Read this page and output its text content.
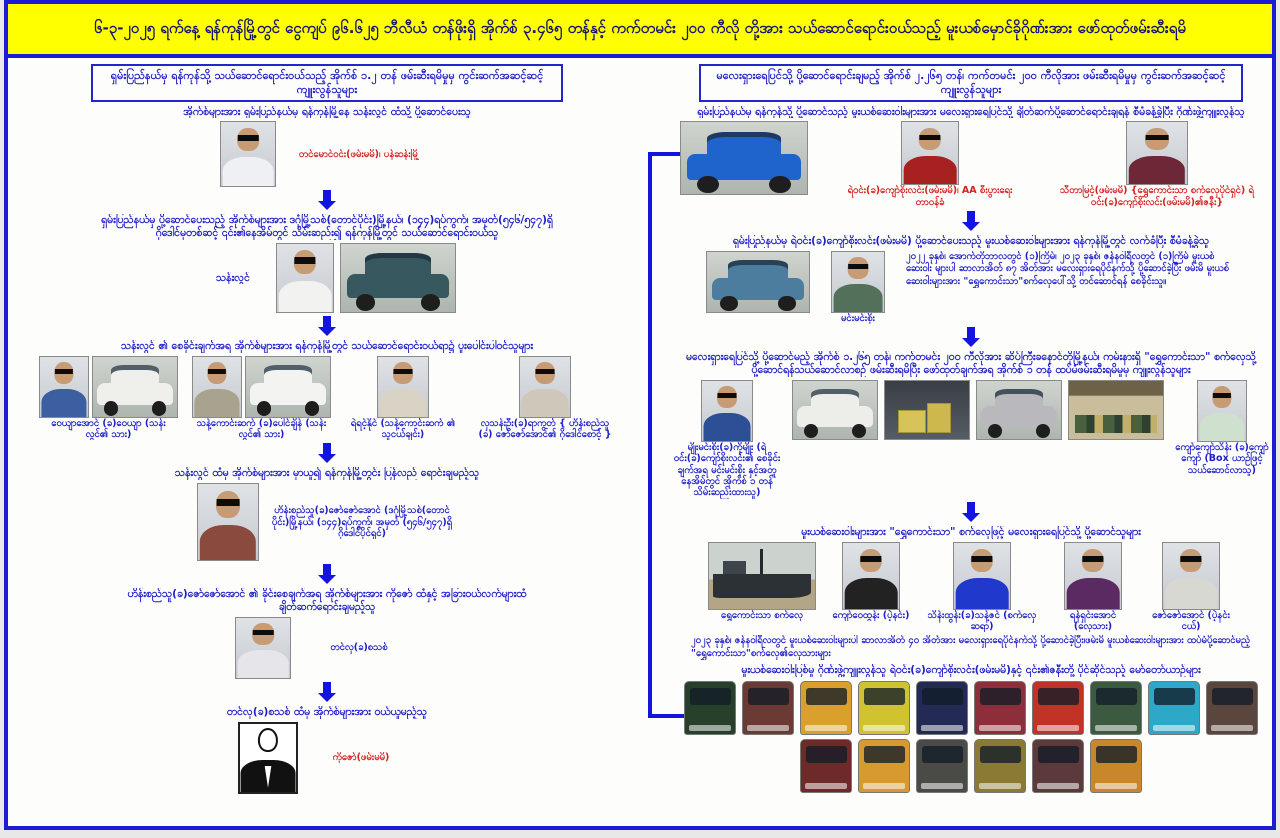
၆-၃-၂၀၂၅ ရက်နေ့ ရန်ကုန်မြို့တွင် ငွေကျပ် ၉၆.၆၂၅ ဘီလီယံ တန်ဖိုးရှိ အိုက်စ် ၃.၄၆၅ တန်နှင့် ကက်တမင်း ၂၀၀ ကီလို တို့အား သယ်ဆောင်ရောင်းဝယ်သည့် မူးယစ်မှောင်ခိုဂိုဏ်းအား ဖော်ထုတ်ဖမ်းဆီးရမိ
ရှမ်းပြည်နယ်မှ ရန်ကုန်သို့ သယ်ဆောင်ရောင်းဝယ်သည့် အိုက်စ် ၁.၂ တန် ဖမ်းဆီးရမိမှုမှ ကွင်းဆက်အဆင့်ဆင့် ကျူးလွန်သူများ
အိုက်စ်များအား ရှမ်းပြည်နယ်မှ ရန်ကုန်မြို့နေ သန်းလွင် ထံသို့ ပို့ဆောင်ပေးသူ
တင်မောင်ဝင်း(ဖမ်းမမိ)၊ ပန်ဆန်းမြို့
ရှမ်းပြည်နယ်မှ ပို့ဆောင်ပေးသည့် အိုက်စ်များအား ဒဂုံမြို့သစ်(တောင်ပိုင်း)မြို့နယ်၊ (၁၄၄)ရပ်ကွက်၊ အမှတ်(၅၄၆/၅၄၇)ရှိ ဂိုဒေါင်မှတစ်ဆင့် ၎င်း၏နေအိမ်တွင် သိမ်းဆည်း၍ ရန်ကုန်မြို့တွင် သယ်ဆောင်ရောင်းဝယ်သူ
သန်းလွင်
သန်းလွင် ၏ စေခိုင်းချက်အရ အိုက်စ်များအား ရန်ကုန်မြို့တွင် သယ်ဆောင်ရောင်းဝယ်ရာ၌ ပူးပေါင်းပါဝင်သူများ
ဝေယျာအောင် (ခ)ဝေယျာ (သန်းလွင်၏ သား)
သန့်ကောင်းဆက် (ခ)ပေါင်ချိန် (သန်းလွင်၏ သား)
ရဲရင့်နိုင် (သန့်ကောင်းဆက် ၏ သူငယ်ချင်း)
လှသန်းဦး(ခ)ရာကွတ် { ဟိန်းစည်သူ (ခ) ဇော်ဇော်အောင်၏ ဂိုဒေါင်စောင့် }
သန်းလွင် ထံမှ အိုက်စ်များအား မှာယူ၍ ရန်ကုန်မြို့တွင်း ပြန်လည် ရောင်းချမည့်သူ
ဟိန်းစည်သူ(ခ)ဇော်ဇော်အောင် (ဒဂုံမြို့သစ်(တောင်ပိုင်း)မြို့နယ်၊ (၁၄၄)ရပ်ကွက်၊ အမှတ် (၅၄၆/၅၄၇)ရှိ ဂိုဒေါင်ပိုင်ရှင်)
ဟိန်းစည်သူ(ခ)ဇော်ဇော်အောင် ၏ ခိုင်းစေချက်အရ အိုက်စ်များအား ကိုဇော် ထံနှင့် အခြားဝယ်လက်များထံ ချိတ်ဆက်ရောင်းချမည့်သူ
တင်လှ(ခ)စသစ်
တင်လှ(ခ)စသစ် ထံမှ အိုက်စ်များအား ဝယ်ယူမည့်သူ
ကိုဇော်(ဖမ်းမမိ)
မလေးရှားရေပြင်သို့ ပို့ဆောင်ရောင်းချမည့် အိုက်စ် ၂.၂၆၅ တန်၊ ကက်တမင်း ၂၀၀ ကီလိုအား ဖမ်းဆီးရမိမှုမှ ကွင်းဆက်အဆင့်ဆင့် ကျူးလွန်သူများ
ရှမ်းပြည်နယ်မှ ရန်ကုန်သို့ ပို့ဆောင်သည့် မူးယစ်ဆေးဝါးများအား မလေးရှားရေပြင်သို့ ချိတ်ဆက်ပို့ဆောင်ရောင်းချရန် စီမံခန့်ခွဲပြီး ဂိုဏ်းဖွဲ့ကျူးလွန်သူ
ရဲဝင်း(ခ)ကျော်စိုးလင်း(ဖမ်းမမိ)၊ AA စီးပွားရေးတာဝန်ခံ
သီတာမြင့်(ဖမ်းမမိ) {ရွှေကောင်းသာ စက်လှေပိုင်ရှင်) ရဲဝင်း(ခ)ကျော်စိုးလင်း(ဖမ်းမမိ)၏ဇနီး}
ရှမ်းပြည်နယ်မှ ရဲဝင်း(ခ)ကျော်စိုးလင်း(ဖမ်းမမိ) ပို့ဆောင်ပေးသည့် မူးယစ်ဆေးဝါးများအား ရန်ကုန်မြို့တွင် လက်ခံပြီး စီမံခန့်ခွဲသူ
မင်းမင်းစိုး
၂၀၂၂ ခုနှစ်၊ အောက်တိုဘာလတွင် (၁)ကြိမ်၊ ၂၀၂၃ ခုနှစ်၊ ဇန်နဝါရီလတွင် (၁)ကြိမ် မူးယစ်ဆေးဝါး များပါ ဆာလာအိတ် ၈၇ အိတ်အား မလေးရှားရေပိုင်နက်သို့ ပို့ဆောင်ခဲ့ပြီး ဖမ်းမိ မူးယစ်ဆေးဝါးများအား "ရွှေကောင်းသာ"စက်လှေပေါ်သို့ တင်ဆောင်ရန် စေခိုင်းသူ။
မလေးရှားရေပြင်သို့ ပို့ဆောင်မည့် အိုက်စ် ၁.၂၆၅ တန်၊ ကက်တမင်း ၂၀၀ ကီလိုအား ဆိပ်ကြီးခနောင်တိုမြို့နယ်၊ ကမ်းနားရှိ "ရွှေကောင်းသာ" စက်လှေသို့ ပို့ဆောင်ရန်သယ်ဆောင်လာစဉ် ဖမ်းဆီးရမိပြီး ဖော်ထုတ်ချက်အရ အိုက်စ် ၁ တန် ထပ်မံဖမ်းဆီးရမိမှုမှ ကျူးလွန်သူများ
မျိုးမင်းစိုး(ခ)ကိုမျိုး (ရဲဝင်း(ခ)ကျော်စိုးလင်း၏ စေခိုင်းချက်အရ မင်းမင်းစိုး နှင့်အတူ နေအိမ်တွင် အိုက်စ် ၁ တန် သိမ်းဆည်းထားသူ)
ကျော်ကျော်သိန်း (ခ)ကျော်ကျော် (Box ယာဉ်ဖြင့် သယ်ဆောင်လာသူ)
မူးယစ်ဆေးဝါးများအား "ရွှေကောင်းသာ" စက်လှေဖြင့် မလေးရှားရေပြင်သို့ ပို့ဆောင်သူများ
ရွှေကောင်းသာ စက်လှေ	ကျော်ဝေထွန်း (ပဲ့နင်း)	သိန်းထွန်း(ခ)သန့်ဇင် (စက်လှေဆရာ)
ရန်ရှင်းအောင် (လှေသား)
ဇော်ဇော်အောင် (ပဲ့နင်းငယ်)
၂၀၂၃ ခုနှစ်၊ ဇန်နဝါရီလတွင် မူးယစ်ဆေးဝါးများပါ ဆာလာအိတ် ၄၀ အိတ်အား မလေးရှားရေပိုင်နက်သို့ ပို့ဆောင်ခဲ့ပြီး၊ဖမ်းမိ မူးယစ်ဆေးဝါးများအား ထပ်မံပို့ဆောင်မည့် "ရွှေကောင်းသာ"စက်လှေ၏လှေသားများ
မူးယစ်ဆေးဝါးပြစ်မှု ဂိုဏ်းဖွဲ့ကျူးလွန်သူ ရဲဝင်း(ခ)ကျော်စိုးလင်း(ဖမ်းမမိ)နှင့် ၎င်း၏ဇနီးတို့ ပိုင်ဆိုင်သည့် မော်တော်ယာဉ်များ
